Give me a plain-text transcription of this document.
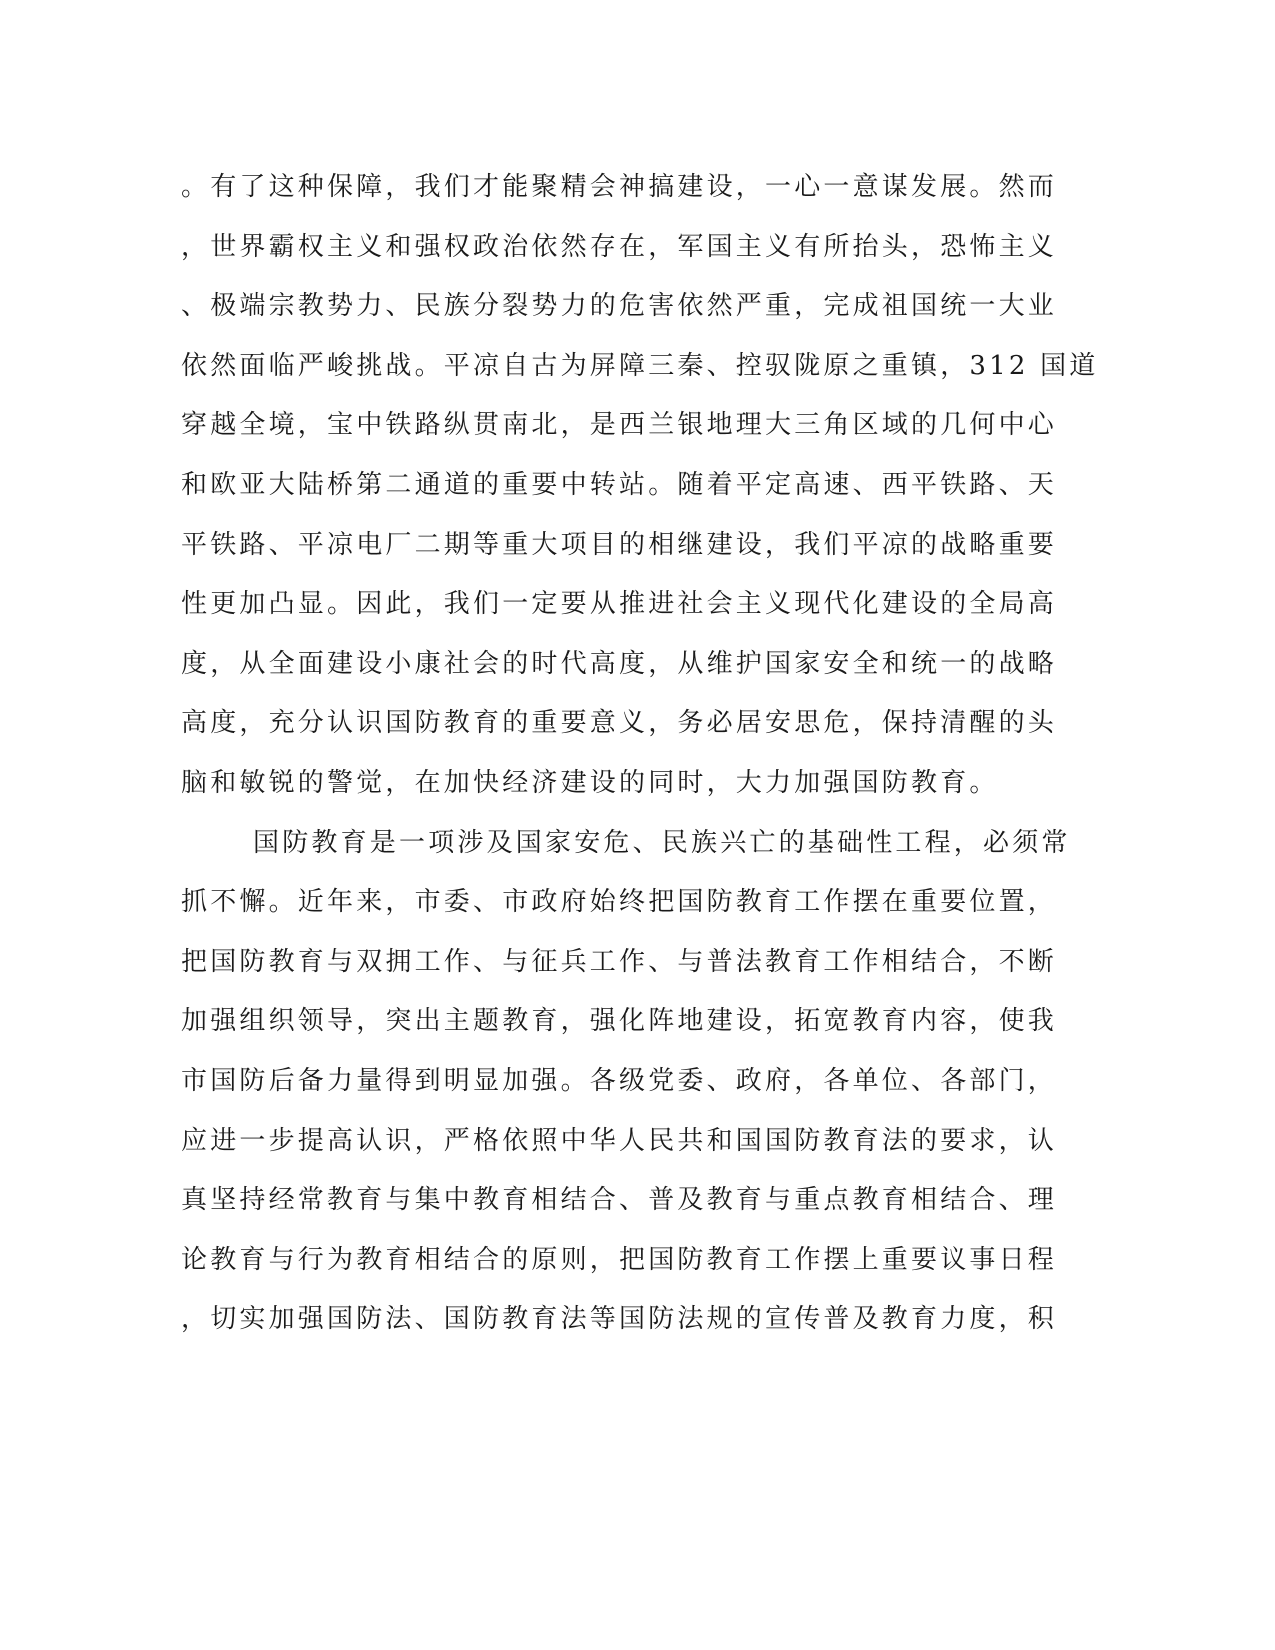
。有了这种保障，我们才能聚精会神搞建设，一心一意谋发展。然而
，世界霸权主义和强权政治依然存在，军国主义有所抬头，恐怖主义
、极端宗教势力、民族分裂势力的危害依然严重，完成祖国统一大业
依然面临严峻挑战。平凉自古为屏障三秦、控驭陇原之重镇，312 国道
穿越全境，宝中铁路纵贯南北，是西兰银地理大三角区域的几何中心
和欧亚大陆桥第二通道的重要中转站。随着平定高速、西平铁路、天
平铁路、平凉电厂二期等重大项目的相继建设，我们平凉的战略重要
性更加凸显。因此，我们一定要从推进社会主义现代化建设的全局高
度，从全面建设小康社会的时代高度，从维护国家安全和统一的战略
高度，充分认识国防教育的重要意义，务必居安思危，保持清醒的头
脑和敏锐的警觉，在加快经济建设的同时，大力加强国防教育。
国防教育是一项涉及国家安危、民族兴亡的基础性工程，必须常
抓不懈。近年来，市委、市政府始终把国防教育工作摆在重要位置，
把国防教育与双拥工作、与征兵工作、与普法教育工作相结合，不断
加强组织领导，突出主题教育，强化阵地建设，拓宽教育内容，使我
市国防后备力量得到明显加强。各级党委、政府，各单位、各部门，
应进一步提高认识，严格依照中华人民共和国国防教育法的要求，认
真坚持经常教育与集中教育相结合、普及教育与重点教育相结合、理
论教育与行为教育相结合的原则，把国防教育工作摆上重要议事日程
，切实加强国防法、国防教育法等国防法规的宣传普及教育力度，积
